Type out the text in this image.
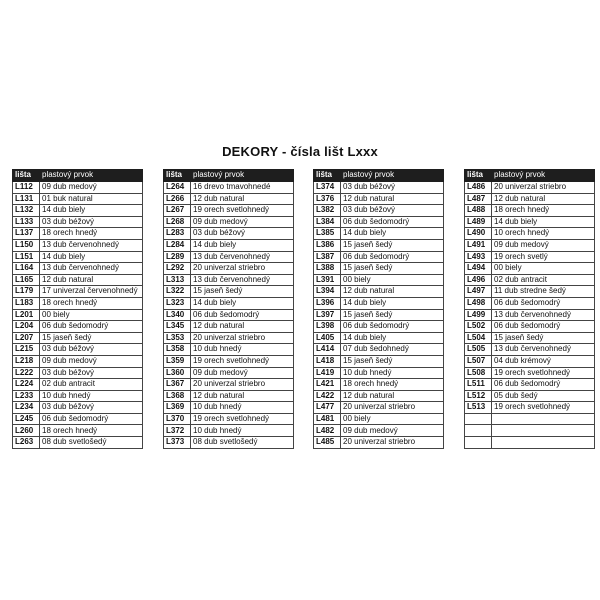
DEKORY - čísla lišt Lxxx
lišta	plastový prvok
L112	09 dub medový
L131	01 buk natural
L132	14 dub biely
L133	03 dub béžový
L137	18 orech hnedý
L150	13 dub červenohnedý
L151	14 dub biely
L164	13 dub červenohnedý
L165	12 dub natural
L179	17 univerzal červenohnedý
L183	18 orech hnedý
L201	00 biely
L204	06 dub šedomodrý
L207	15 jaseň šedý
L215	03 dub béžový
L218	09 dub medový
L222	03 dub béžový
L224	02 dub antracit
L233	10 dub hnedý
L234	03 dub béžový
L245	06 dub šedomodrý
L260	18 orech hnedý
L263	08 dub svetlošedý
lišta	plastový prvok
L264	16 drevo tmavohnedé
L266	12 dub natural
L267	19 orech svetlohnedý
L268	09 dub medový
L283	03 dub béžový
L284	14 dub biely
L289	13 dub červenohnedý
L292	20 univerzal striebro
L313	13 dub červenohnedý
L322	15 jaseň šedý
L323	14 dub biely
L340	06 dub šedomodrý
L345	12 dub natural
L353	20 univerzal striebro
L358	10 dub hnedý
L359	19 orech svetlohnedý
L360	09 dub medový
L367	20 univerzal striebro
L368	12 dub natural
L369	10 dub hnedý
L370	19 orech svetlohnedý
L372	10 dub hnedý
L373	08 dub svetlošedý
lišta	plastový prvok
L374	03 dub béžový
L376	12 dub natural
L382	03 dub béžový
L384	06 dub šedomodrý
L385	14 dub biely
L386	15 jaseň šedý
L387	06 dub šedomodrý
L388	15 jaseň šedý
L391	00 biely
L394	12 dub natural
L396	14 dub biely
L397	15 jaseň šedý
L398	06 dub šedomodrý
L405	14 dub biely
L414	07 dub šedohnedý
L418	15 jaseň šedý
L419	10 dub hnedý
L421	18 orech hnedý
L422	12 dub natural
L477	20 univerzal striebro
L481	00 biely
L482	09 dub medový
L485	20 univerzal striebro
lišta	plastový prvok
L486	20 univerzal striebro
L487	12 dub natural
L488	18 orech hnedý
L489	14 dub biely
L490	10 orech hnedý
L491	09 dub medový
L493	19 orech svetlý
L494	00 biely
L496	02 dub antracit
L497	11 dub stredne šedý
L498	06 dub šedomodrý
L499	13 dub červenohnedý
L502	06 dub šedomodrý
L504	15 jaseň šedý
L505	13 dub červenohnedý
L507	04 dub krémový
L508	19 orech svetlohnedý
L511	06 dub šedomodrý
L512	05 dub šedý
L513	19 orech svetlohnedý
